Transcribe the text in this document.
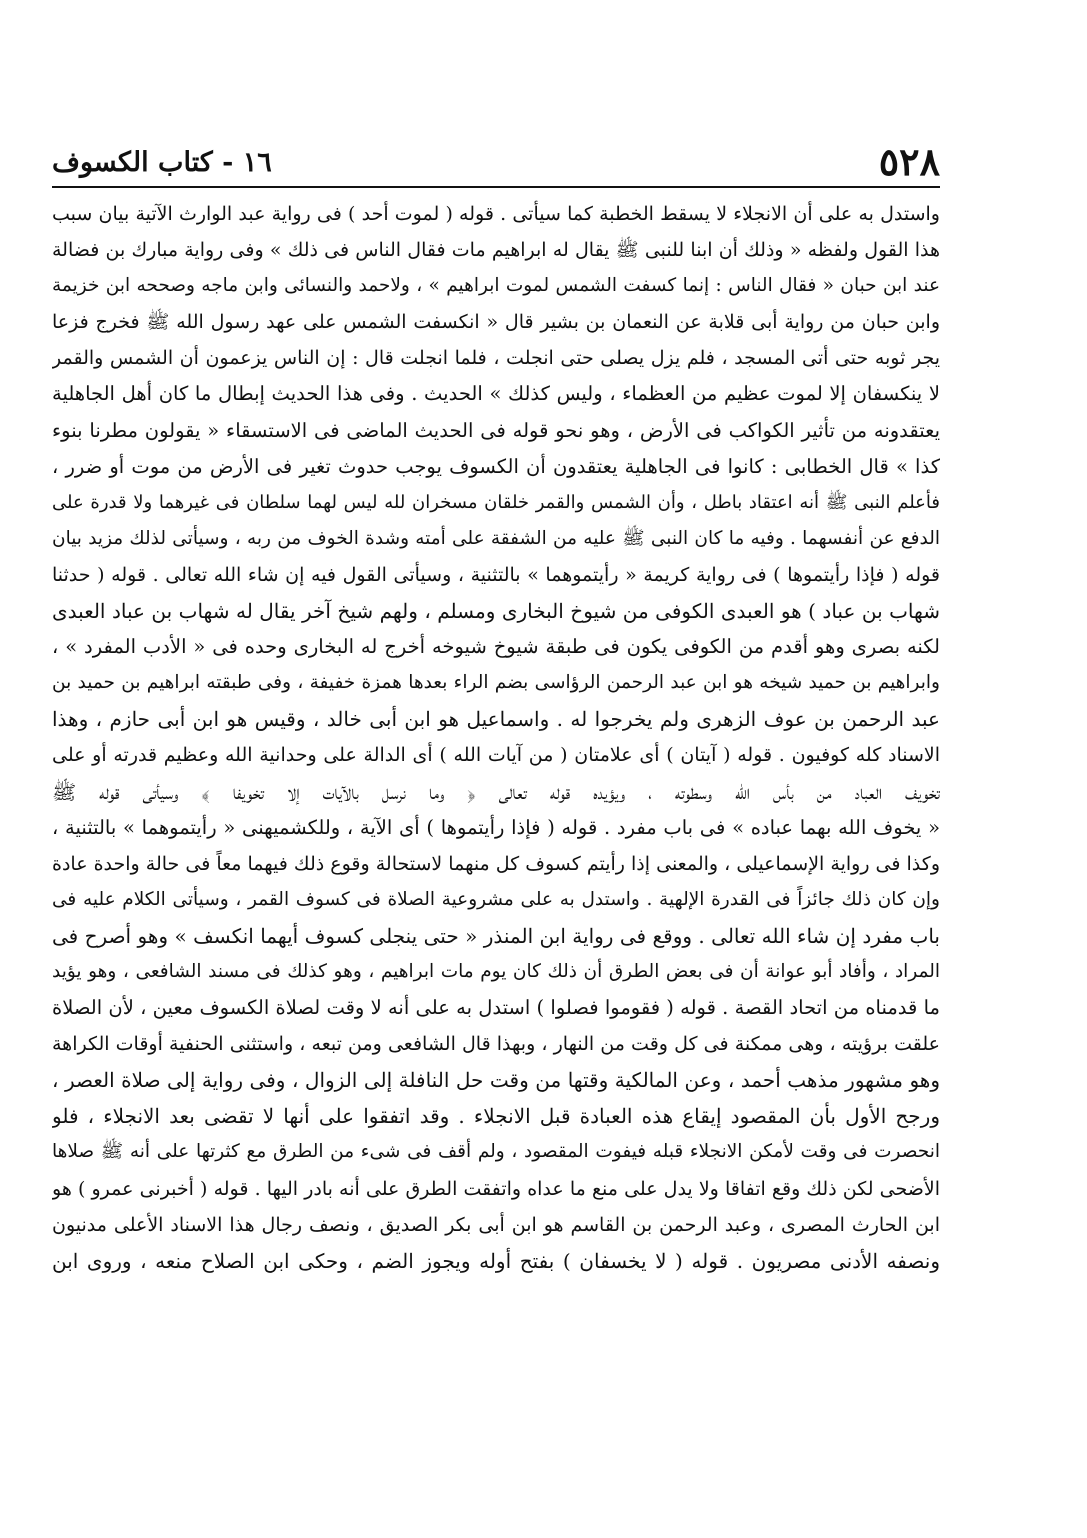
٥٢٨
١٦ - كتاب الكسوف
واستدل به على أن الانجلاء لا يسقط الخطبة كما سيأتى . قوله ( لموت أحد ) فى رواية عبد الوارث الآتية بيان سبب
هذا القول ولفظه « وذلك أن ابنا للنبى ﷺ يقال له ابراهيم مات فقال الناس فى ذلك » وفى رواية مبارك بن فضالة
عند ابن حبان « فقال الناس : إنما كسفت الشمس لموت ابراهيم » ، ولاحمد والنسائى وابن ماجه وصححه ابن خزيمة
وابن حبان من رواية أبى قلابة عن النعمان بن بشير قال « انكسفت الشمس على عهد رسول الله ﷺ فخرج فزعا
يجر ثوبه حتى أتى المسجد ، فلم يزل يصلى حتى انجلت ، فلما انجلت قال : إن الناس يزعمون أن الشمس والقمر
لا ينكسفان إلا لموت عظيم من العظماء ، وليس كذلك » الحديث . وفى هذا الحديث إبطال ما كان أهل الجاهلية
يعتقدونه من تأثير الكواكب فى الأرض ، وهو نحو قوله فى الحديث الماضى فى الاستسقاء « يقولون مطرنا بنوء
كذا » قال الخطابى : كانوا فى الجاهلية يعتقدون أن الكسوف يوجب حدوث تغير فى الأرض من موت أو ضرر ،
فأعلم النبى ﷺ أنه اعتقاد باطل ، وأن الشمس والقمر خلقان مسخران لله ليس لهما سلطان فى غيرهما ولا قدرة على
الدفع عن أنفسهما . وفيه ما كان النبى ﷺ عليه من الشفقة على أمته وشدة الخوف من ربه ، وسيأتى لذلك مزيد بيان
قوله ( فإذا رأيتموها ) فى رواية كريمة « رأيتموهما » بالتثنية ، وسيأتى القول فيه إن شاء الله تعالى . قوله ( حدثنا
شهاب بن عباد ) هو العبدى الكوفى من شيوخ البخارى ومسلم ، ولهم شيخ آخر يقال له شهاب بن عباد العبدى
لكنه بصرى وهو أقدم من الكوفى يكون فى طبقة شيوخ شيوخه أخرج له البخارى وحده فى « الأدب المفرد » ،
وابراهيم بن حميد شيخه هو ابن عبد الرحمن الرؤاسى بضم الراء بعدها همزة خفيفة ، وفى طبقته ابراهيم بن حميد بن
عبد الرحمن بن عوف الزهرى ولم يخرجوا له . واسماعيل هو ابن أبى خالد ، وقيس هو ابن أبى حازم ، وهذا
الاسناد كله كوفيون . قوله ( آيتان ) أى علامتان ( من آيات الله ) أى الدالة على وحدانية الله وعظيم قدرته أو على
تخويف العباد من بأس الله وسطوته ، ويؤيده قوله تعالى ﴿ وما نرسل بالآيات إلا تخويفا ﴾ وسيأتى قوله ﷺ
« يخوف الله بهما عباده » فى باب مفرد . قوله ( فإذا رأيتموها ) أى الآية ، وللكشميهنى « رأيتموهما » بالتثنية ،
وكذا فى رواية الإسماعيلى ، والمعنى إذا رأيتم كسوف كل منهما لاستحالة وقوع ذلك فيهما معاً فى حالة واحدة عادة
وإن كان ذلك جائزاً فى القدرة الإلهية . واستدل به على مشروعية الصلاة فى كسوف القمر ، وسيأتى الكلام عليه فى
باب مفرد إن شاء الله تعالى . ووقع فى رواية ابن المنذر « حتى ينجلى كسوف أيهما انكسف » وهو أصرح فى
المراد ، وأفاد أبو عوانة أن فى بعض الطرق أن ذلك كان يوم مات ابراهيم ، وهو كذلك فى مسند الشافعى ، وهو يؤيد
ما قدمناه من اتحاد القصة . قوله ( فقوموا فصلوا ) استدل به على أنه لا وقت لصلاة الكسوف معين ، لأن الصلاة
علقت برؤيته ، وهى ممكنة فى كل وقت من النهار ، وبهذا قال الشافعى ومن تبعه ، واستثنى الحنفية أوقات الكراهة
وهو مشهور مذهب أحمد ، وعن المالكية وقتها من وقت حل النافلة إلى الزوال ، وفى رواية إلى صلاة العصر ،
ورجح الأول بأن المقصود إيقاع هذه العبادة قبل الانجلاء . وقد اتفقوا على أنها لا تقضى بعد الانجلاء ، فلو
انحصرت فى وقت لأمكن الانجلاء قبله فيفوت المقصود ، ولم أقف فى شىء من الطرق مع كثرتها على أنه ﷺ صلاها
الأضحى لكن ذلك وقع اتفاقا ولا يدل على منع ما عداه واتفقت الطرق على أنه بادر اليها . قوله ( أخبرنى عمرو ) هو
ابن الحارث المصرى ، وعبد الرحمن بن القاسم هو ابن أبى بكر الصديق ، ونصف رجال هذا الاسناد الأعلى مدنيون
ونصفه الأدنى مصريون . قوله ( لا يخسفان ) بفتح أوله ويجوز الضم ، وحكى ابن الصلاح منعه ، وروى ابن
